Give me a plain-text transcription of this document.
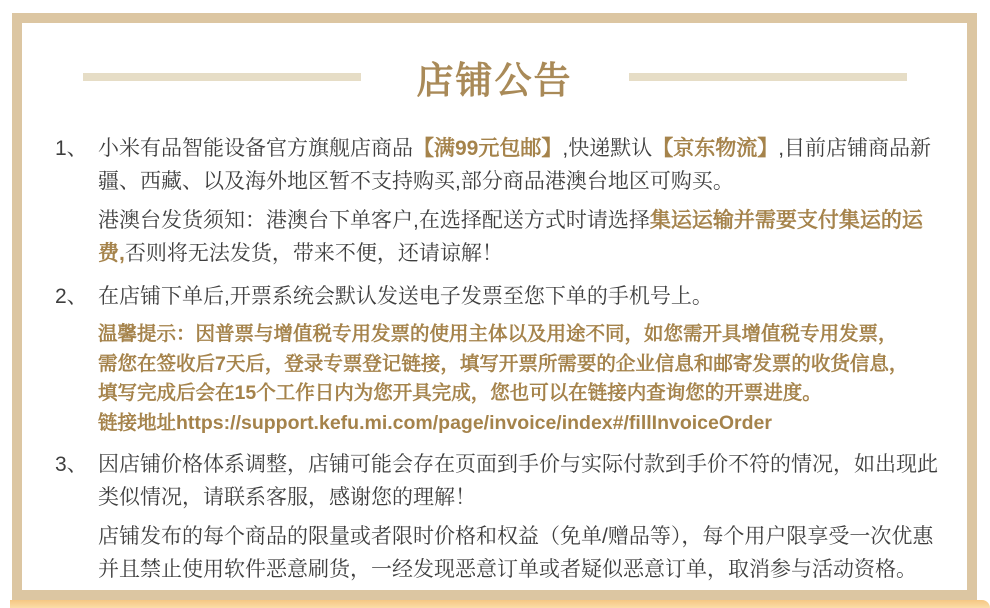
店铺公告
1、 小米有品智能设备官方旗舰店商品【满99元包邮】,快递默认【京东物流】,目前店铺商品新疆、西藏、以及海外地区暂不支持购买,部分商品港澳台地区可购买。

港澳台发货须知：港澳台下单客户,在选择配送方式时请选择集运运输并需要支付集运的运费,否则将无法发货，带来不便，还请谅解！

2、 在店铺下单后,开票系统会默认发送电子发票至您下单的手机号上。

温馨提示：因普票与增值税专用发票的使用主体以及用途不同，如您需开具增值税专用发票，
需您在签收后7天后，登录专票登记链接，填写开票所需要的企业信息和邮寄发票的收货信息，
填写完成后会在15个工作日内为您开具完成，您也可以在链接内查询您的开票进度。
链接地址https://support.kefu.mi.com/page/invoice/index#/fillInvoiceOrder

3、 因店铺价格体系调整，店铺可能会存在页面到手价与实际付款到手价不符的情况，如出现此类似情况，请联系客服，感谢您的理解！

店铺发布的每个商品的限量或者限时价格和权益（免单/赠品等），每个用户限享受一次优惠并且禁止使用软件恶意刷货，一经发现恶意订单或者疑似恶意订单，取消参与活动资格。
